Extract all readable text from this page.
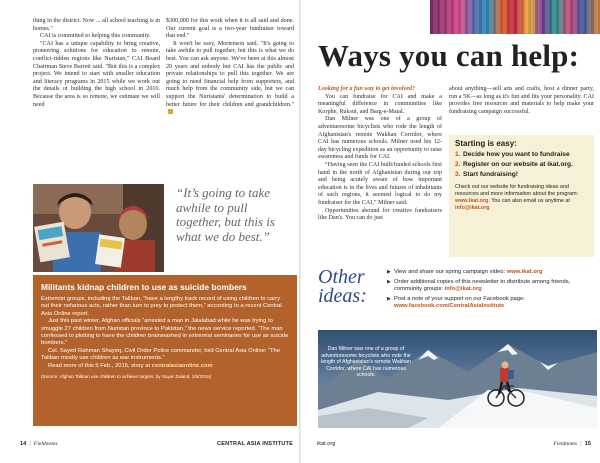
thing in the district. Now ... all school teaching is in homes."

CAI is committed to helping this community.

"CAI has a unique capability to bring creative, pioneering solutions for education to remote, conflict-ridden regions like Nuristan," CAI Board Chairman Steve Barrett said. "But this is a complex project. We intend to start with smaller education and literacy programs in 2015 while we work out the details of building the high school in 2016. Because the area is so remote, we estimate we will need

$300,000 for this work when it is all said and done. Our current goal is a two-year fundraiser toward that end."

It won't be easy, Mortenson said. "It's going to take awhile to pull together, but this is what we do best. You can ask anyone. We've been at this almost 20 years and nobody but CAI has the public and private relationships to pull this together. We are going to need financial help from supporters, and much help from the community side, but we can support the Nuristanis' determination to build a better future for their children and grandchildren."

“It’s going to take awhile to pull together, but this is what we do best.”
Militants kidnap children to use as suicide bombers

Extremist groups, including the Taliban, “have a lengthy track record of using children to carry out their nefarious acts, rather than turn to prey to protect them,” according to a recent Central Asia Online report.

Just this past winter, Afghan officials “arrested a man in Jalalabad while he was trying to smuggle 27 children from Nuristan province to Pakistan,” the news service reported. “The man confessed to plotting to have the children brainwashed in extremist seminaries for use as suicide bombers.”

Col. Sayed Rahman Shayeq, Civil Order Police commander, told Central Asia Online: “The Taliban mostly use children as war instruments.”

Read more of this 5 Feb., 2015, story at centralasiaonline.com

(Source: Afghan Taliban use children to achieve targets, by Sayar Zaland, 2/5/2015)
14  |  Fieldnotes	CENTRAL ASIA INSTITUTE
Ways you can help:

Looking for a fun way to get involved?

You can fundraise for CAI and make a meaningful difference in communities like Korphe, Ruksut, and Barg-e-Matal.

Dan Milner was one of a group of adventuresome bicyclists who rode the length of Afghanistan's remote Wakhan Corridor, where CAI has numerous schools. Milner used his 12-day bicycling expedition as an opportunity to raise awareness and funds for CAI.

“Having seen the CAI built/funded schools first hand in the north of Afghanistan during our trip and being acutely aware of how important education is in the lives and futures of inhabitants of such regions, it seemed logical to do my fundraiser for the CAI,” Milner said.

Opportunities abound for creative fundraisers like Dan's. You can do just

about anything—sell arts and crafts, host a dinner party, run a 5K—as long as it's fun and fits your personality. CAI provides free resources and materials to help make your fundraising campaign successful.

Starting is easy:
1. Decide how you want to fundraise
2. Register on our website at ikat.org.
3. Start fundraising!
Check out our website for fundraising ideas and resources and more information about the program: www.ikat.org. You can also email us anytime at info@ikat.org
Other ideas:
▶ View and share our spring campaign video: www.ikat.org
▶ Order additional copies of this newsletter to distribute among friends, community groups: info@ikat.org
▶ Post a note of your support on our Facebook page: www.facebook.com/CentralAsiaInstitute
Dan Milner was one of a group of adventuresome bicyclists who rode the length of Afghanistan's remote Wakhan Corridor, where CAI has numerous schools.
ikat.org	Fieldnotes  |  15
